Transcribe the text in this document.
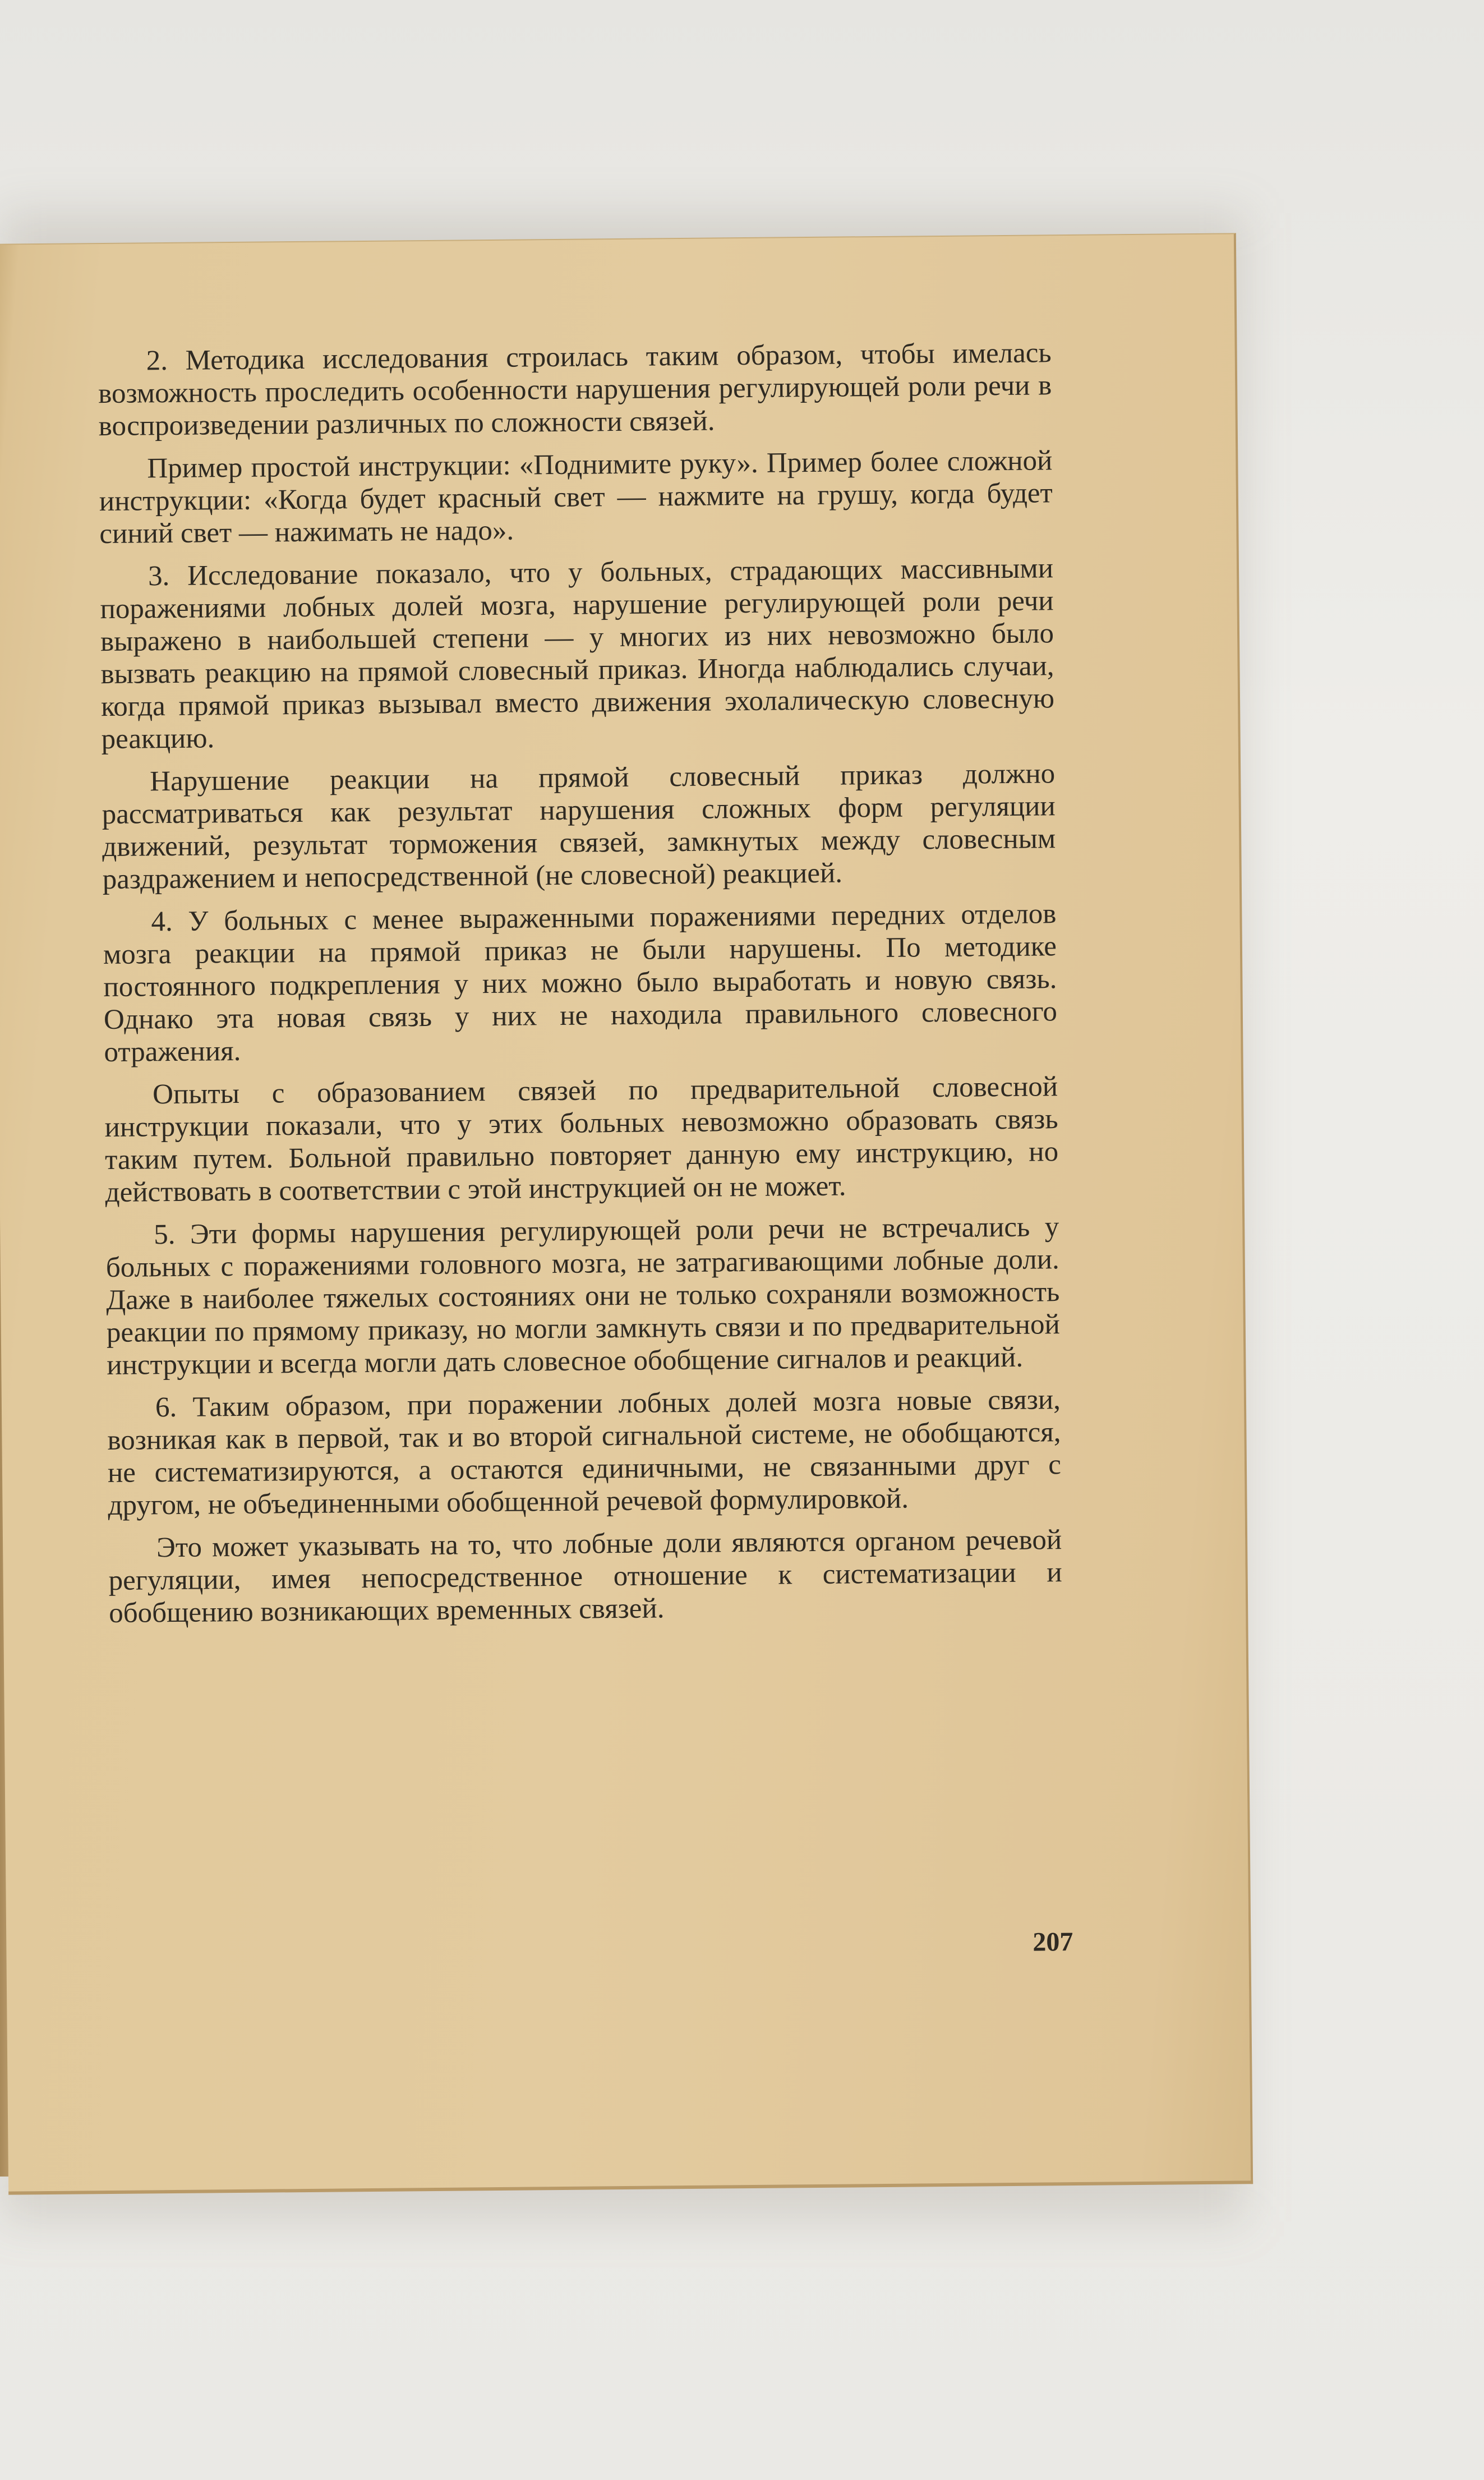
2. Методика исследования строилась таким образом, чтобы имелась возможность проследить особенности нарушения регулирующей роли речи в воспроизведении различных по сложности связей.

Пример простой инструкции: «Поднимите руку». Пример более сложной инструкции: «Когда будет красный свет — нажмите на грушу, когда будет синий свет — нажимать не надо».

3. Исследование показало, что у больных, страдающих массивными поражениями лобных долей мозга, нарушение регулирующей роли речи выражено в наибольшей степени — у многих из них невозможно было вызвать реакцию на прямой словесный приказ. Иногда наблюдались случаи, когда прямой приказ вызывал вместо движения эхолалическую словесную реакцию.

Нарушение реакции на прямой словесный приказ должно рассматриваться как результат нарушения сложных форм регуляции движений, результат торможения связей, замкнутых между словесным раздражением и непосредственной (не словесной) реакцией.

4. У больных с менее выраженными поражениями передних отделов мозга реакции на прямой приказ не были нарушены. По методике постоянного подкрепления у них можно было выработать и новую связь. Однако эта новая связь у них не находила правильного словесного отражения.

Опыты с образованием связей по предварительной словесной инструкции показали, что у этих больных невозможно образовать связь таким путем. Больной правильно повторяет данную ему инструкцию, но действовать в соответствии с этой инструкцией он не может.

5. Эти формы нарушения регулирующей роли речи не встречались у больных с поражениями головного мозга, не затрагивающими лобные доли. Даже в наиболее тяжелых состояниях они не только сохраняли возможность реакции по прямому приказу, но могли замкнуть связи и по предварительной инструкции и всегда могли дать словесное обобщение сигналов и реакций.

6. Таким образом, при поражении лобных долей мозга новые связи, возникая как в первой, так и во второй сигнальной системе, не обобщаются, не систематизируются, а остаются единичными, не связанными друг с другом, не объединенными обобщенной речевой формулировкой.

Это может указывать на то, что лобные доли являются органом речевой регуляции, имея непосредственное отношение к систематизации и обобщению возникающих временных связей.

207
